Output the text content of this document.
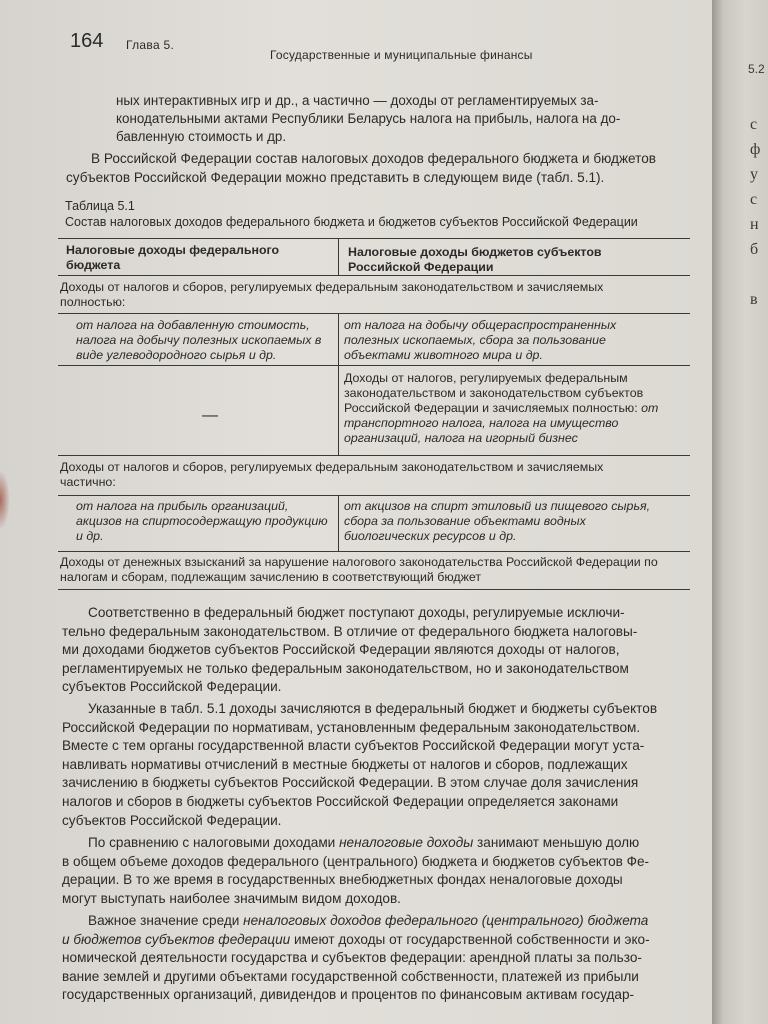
164 Глава 5.
Государственные и муниципальные финансы
ных интерактивных игр и др., а частично — доходы от регламентируемых за-
конодательными актами Республики Беларусь налога на прибыль, налога на до-
бавленную стоимость и др.
В Российской Федерации состав налоговых доходов федерального бюджета и бюджетов
субъектов Российской Федерации можно представить в следующем виде (табл. 5.1).
Таблица 5.1
Состав налоговых доходов федерального бюджета и бюджетов субъектов Российской Федерации
Налоговые доходы федерального бюджета
Налоговые доходы бюджетов субъектов Российской Федерации
Доходы от налогов и сборов, регулируемых федеральным законодательством и зачисляемых полностью:
от налога на добавленную стоимость, налога на добычу полезных ископаемых в виде углеводородного сырья и др.
от налога на добычу общераспространенных полезных ископаемых, сбора за пользование объектами животного мира и др.
—
Доходы от налогов, регулируемых федеральным законодательством и законодательством субъектов Российской Федерации и зачисляемых полностью: от транспортного налога, налога на имущество организаций, налога на игорный бизнес
Доходы от налогов и сборов, регулируемых федеральным законодательством и зачисляемых частично:
от налога на прибыль организаций, акцизов на спиртосодержащую продукцию и др.
от акцизов на спирт этиловый из пищевого сырья, сбора за пользование объектами водных биологических ресурсов и др.
Доходы от денежных взысканий за нарушение налогового законодательства Российской Федерации по налогам и сборам, подлежащим зачислению в соответствующий бюджет
Соответственно в федеральный бюджет поступают доходы, регулируемые исключи-
тельно федеральным законодательством. В отличие от федерального бюджета налоговы-
ми доходами бюджетов субъектов Российской Федерации являются доходы от налогов,
регламентируемых не только федеральным законодательством, но и законодательством
субъектов Российской Федерации.
Указанные в табл. 5.1 доходы зачисляются в федеральный бюджет и бюджеты субъектов
Российской Федерации по нормативам, установленным федеральным законодательством.
Вместе с тем органы государственной власти субъектов Российской Федерации могут уста-
навливать нормативы отчислений в местные бюджеты от налогов и сборов, подлежащих
зачислению в бюджеты субъектов Российской Федерации. В этом случае доля зачисления
налогов и сборов в бюджеты субъектов Российской Федерации определяется законами
субъектов Российской Федерации.
По сравнению с налоговыми доходами неналоговые доходы занимают меньшую долю
в общем объеме доходов федерального (центрального) бюджета и бюджетов субъектов Фе-
дерации. В то же время в государственных внебюджетных фондах неналоговые доходы
могут выступать наиболее значимым видом доходов.
Важное значение среди неналоговых доходов федерального (центрального) бюджета
и бюджетов субъектов федерации имеют доходы от государственной собственности и эко-
номической деятельности государства и субъектов федерации: арендной платы за пользо-
вание землей и другими объектами государственной собственности, платежей из прибыли
государственных организаций, дивидендов и процентов по финансовым активам государ-
5.2
с
ф
у
с
н
б
в
